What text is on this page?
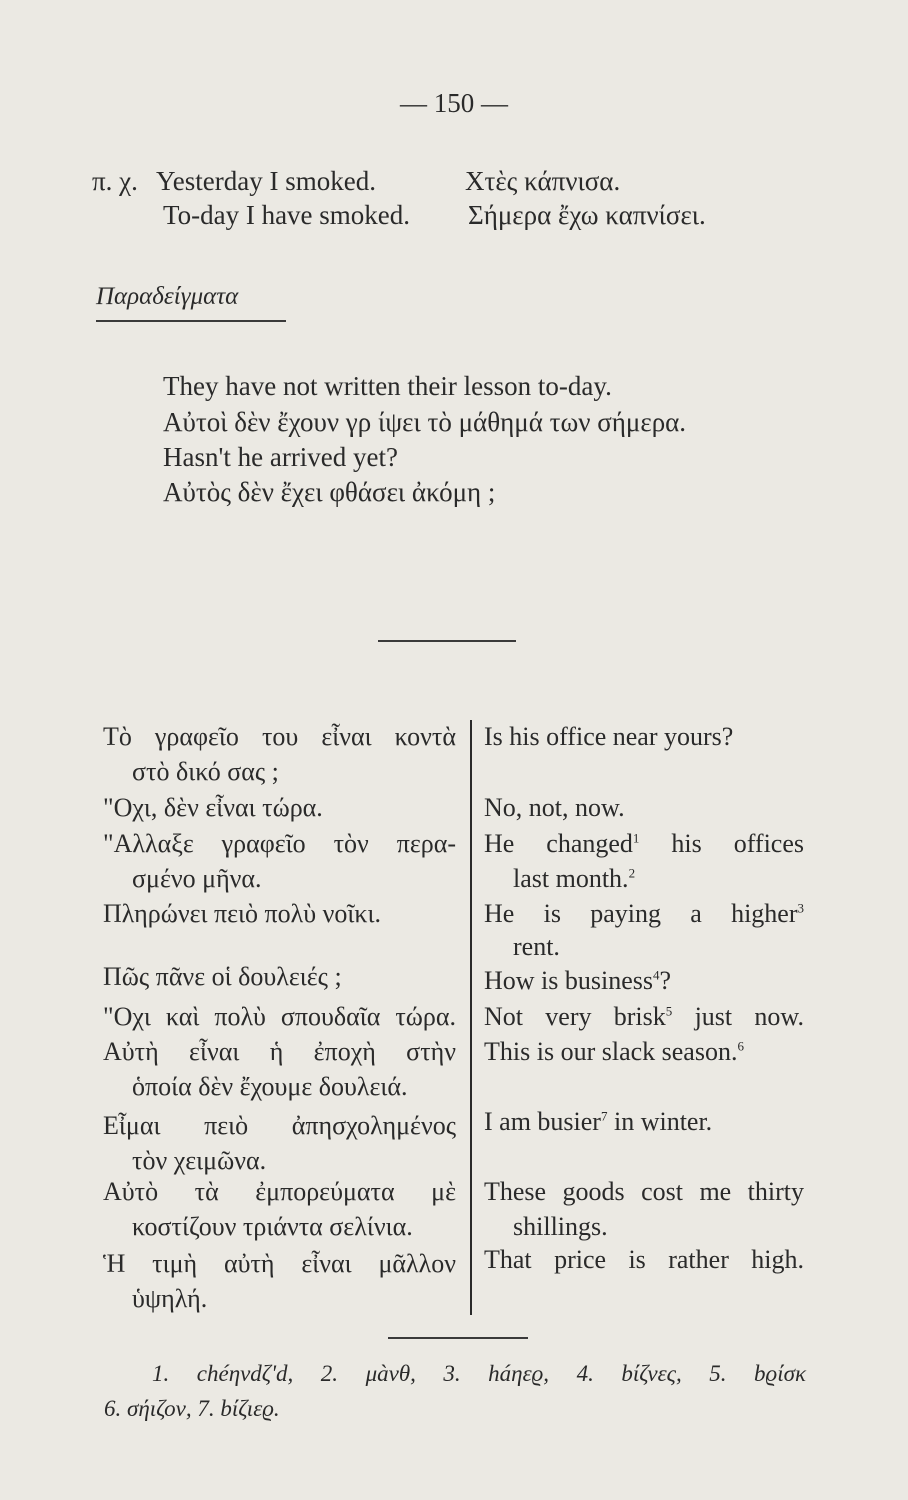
— 150 —
π. χ. Yesterday I smoked.	Χτὲς κάπνισα.
To-day I have smoked. Σήμερα ἔχω καπνίσει.
Παραδείγματα
They have not written their lesson to-day.
Αὐτοὶ δὲν ἔχουν γρ ίψει τὸ μάθημά των σήμερα.
Hasn't he arrived yet?
Αὐτὸς δὲν ἔχει φθάσει ἀκόμη ;
Τὸ γραφεῖο του εἶναι κοντὰ
στὸ δικό σας ;
"Οχι, δὲν εἶναι τώρα.
"Αλλαξε γραφεῖο τὸν περα-
σμένο μῆνα.
Πληρώνει πειὸ πολὺ νοῖκι.
Πῶς πᾶνε οἱ δουλειές ;
"Οχι καὶ πολὺ σπουδαῖα τώρα.
Αὐτὴ εἶναι ἡ ἐποχὴ στὴν
ὁποία δὲν ἔχουμε δουλειά.
Εἶμαι πειὸ ἀπησχολημένος
τὸν χειμῶνα.
Αὐτὸ τὰ ἐμπορεύματα μὲ
κοστίζουν τριάντα σελίνια.
Ἡ τιμὴ αὐτὴ εἶναι μᾶλλον
ὑψηλή.
Is his office near yours?
No, not, now.
He changed$^1$ his offices
last month.$^2$
He is paying a higher$^3$
rent.
How is business$^4$?
Not very brisk$^5$ just now.
This is our slack season.$^6$
I am busier$^7$ in winter.
These goods cost me thirty
shillings.
That price is rather high.
1. chéηνdζ'd, 2. μàνθ, 3. háηεϱ, 4. bίζνες, 5. bϱίσκ
6. σήιζον, 7. bίζιεϱ.
